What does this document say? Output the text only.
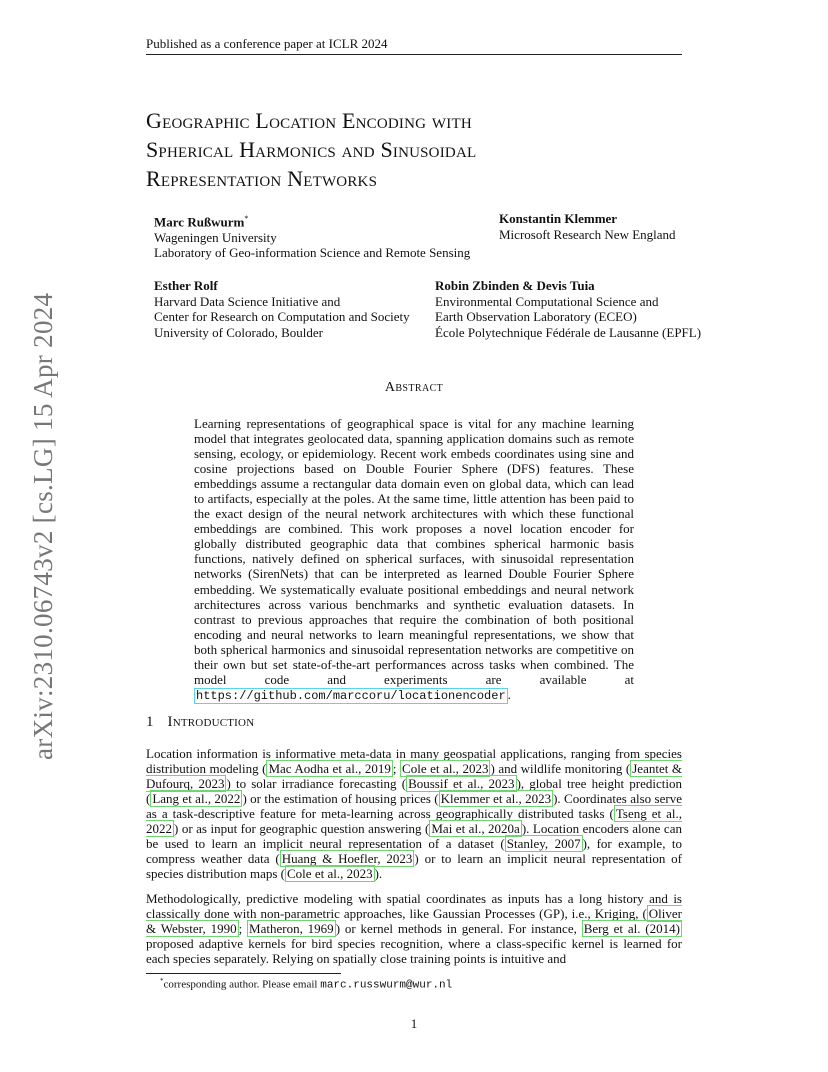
Published as a conference paper at ICLR 2024
arXiv:2310.06743v2 [cs.LG] 15 Apr 2024
Geographic Location Encoding with
Spherical Harmonics and Sinusoidal
Representation Networks
Marc Rußwurm*
Wageningen University
Laboratory of Geo-information Science and Remote Sensing
Konstantin Klemmer
Microsoft Research New England
Esther Rolf
Harvard Data Science Initiative and
Center for Research on Computation and Society
University of Colorado, Boulder
Robin Zbinden & Devis Tuia
Environmental Computational Science and
Earth Observation Laboratory (ECEO)
École Polytechnique Fédérale de Lausanne (EPFL)
Abstract
Learning representations of geographical space is vital for any machine learning model that integrates geolocated data, spanning application domains such as remote sensing, ecology, or epidemiology. Recent work embeds coordinates using sine and cosine projections based on Double Fourier Sphere (DFS) features. These embeddings assume a rectangular data domain even on global data, which can lead to artifacts, especially at the poles. At the same time, little attention has been paid to the exact design of the neural network architectures with which these functional embeddings are combined. This work proposes a novel location encoder for globally distributed geographic data that combines spherical harmonic basis functions, natively defined on spherical surfaces, with sinusoidal representation networks (SirenNets) that can be interpreted as learned Double Fourier Sphere embedding. We systematically evaluate positional embeddings and neural network architectures across various benchmarks and synthetic evaluation datasets. In contrast to previous approaches that require the combination of both positional encoding and neural networks to learn meaningful representations, we show that both spherical harmonics and sinusoidal representation networks are competitive on their own but set state-of-the-art performances across tasks when combined. The model code and experiments are available at https://github.com/marccoru/locationencoder .
1 Introduction

Location information is informative meta-data in many geospatial applications, ranging from species distribution modeling ( Mac Aodha et al., 2019 ; Cole et al., 2023 ) and wildlife monitoring ( Jeantet & Dufourq, 2023 ) to solar irradiance forecasting ( Boussif et al., 2023 ), global tree height prediction ( Lang et al., 2022 ) or the estimation of housing prices ( Klemmer et al., 2023 ). Coordinates also serve as a task-descriptive feature for meta-learning across geographically distributed tasks ( Tseng et al., 2022 ) or as input for geographic question answering ( Mai et al., 2020a ). Location encoders alone can be used to learn an implicit neural representation of a dataset ( Stanley, 2007 ), for example, to compress weather data ( Huang & Hoefler, 2023 ) or to learn an implicit neural representation of species distribution maps ( Cole et al., 2023 ).

Methodologically, predictive modeling with spatial coordinates as inputs has a long history and is classically done with non-parametric approaches, like Gaussian Processes (GP), i.e., Kriging, ( Oliver & Webster, 1990 ; Matheron, 1969 ) or kernel methods in general. For instance, Berg et al. (2014) proposed adaptive kernels for bird species recognition, where a class-specific kernel is learned for each species separately. Relying on spatially close training points is intuitive and

*corresponding author. Please email marc.russwurm@wur.nl
1
